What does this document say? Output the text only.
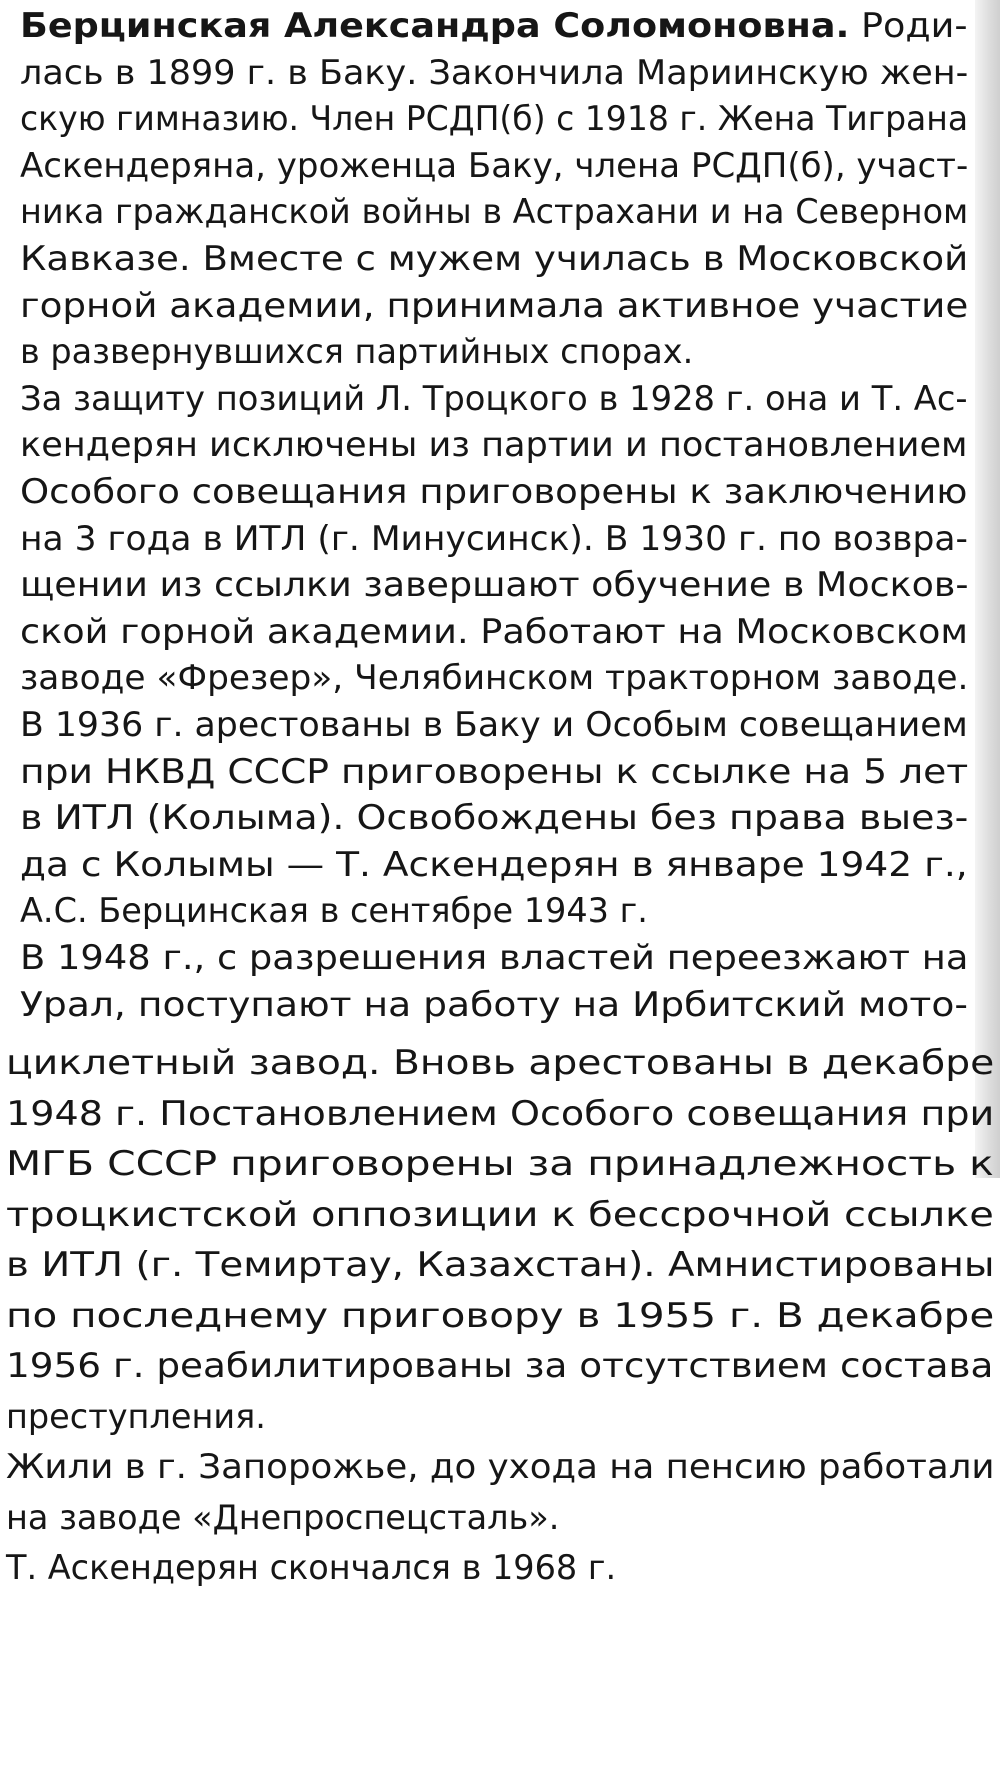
Берцинская Александра Соломоновна. Роди-
лась в 1899 г. в Баку. Закончила Мариинскую жен-
скую гимназию. Член РСДП(б) с 1918 г. Жена Тиграна
Аскендеряна, уроженца Баку, члена РСДП(б), участ-
ника гражданской войны в Астрахани и на Северном
Кавказе. Вместе с мужем училась в Московской
горной академии, принимала активное участие
в развернувшихся партийных спорах.
За защиту позиций Л. Троцкого в 1928 г. она и Т. Ас-
кендерян исключены из партии и постановлением
Особого совещания приговорены к заключению
на 3 года в ИТЛ (г. Минусинск). В 1930 г. по возвра-
щении из ссылки завершают обучение в Москов-
ской горной академии. Работают на Московском
заводе «Фрезер», Челябинском тракторном заводе.
В 1936 г. арестованы в Баку и Особым совещанием
при НКВД СССР приговорены к ссылке на 5 лет
в ИТЛ (Колыма). Освобождены без права выез-
да с Колымы — Т. Аскендерян в январе 1942 г.,
А.С. Берцинская в сентябре 1943 г.
В 1948 г., с разрешения властей переезжают на
Урал, поступают на работу на Ирбитский мото-
циклетный завод. Вновь арестованы в декабре
1948 г. Постановлением Особого совещания при
МГБ СССР приговорены за принадлежность к
троцкистской оппозиции к бессрочной ссылке
в ИТЛ (г. Темиртау, Казахстан). Амнистированы
по последнему приговору в 1955 г. В декабре
1956 г. реабилитированы за отсутствием состава
преступления.
Жили в г. Запорожье, до ухода на пенсию работали
на заводе «Днепроспецсталь».
Т. Аскендерян скончался в 1968 г.
